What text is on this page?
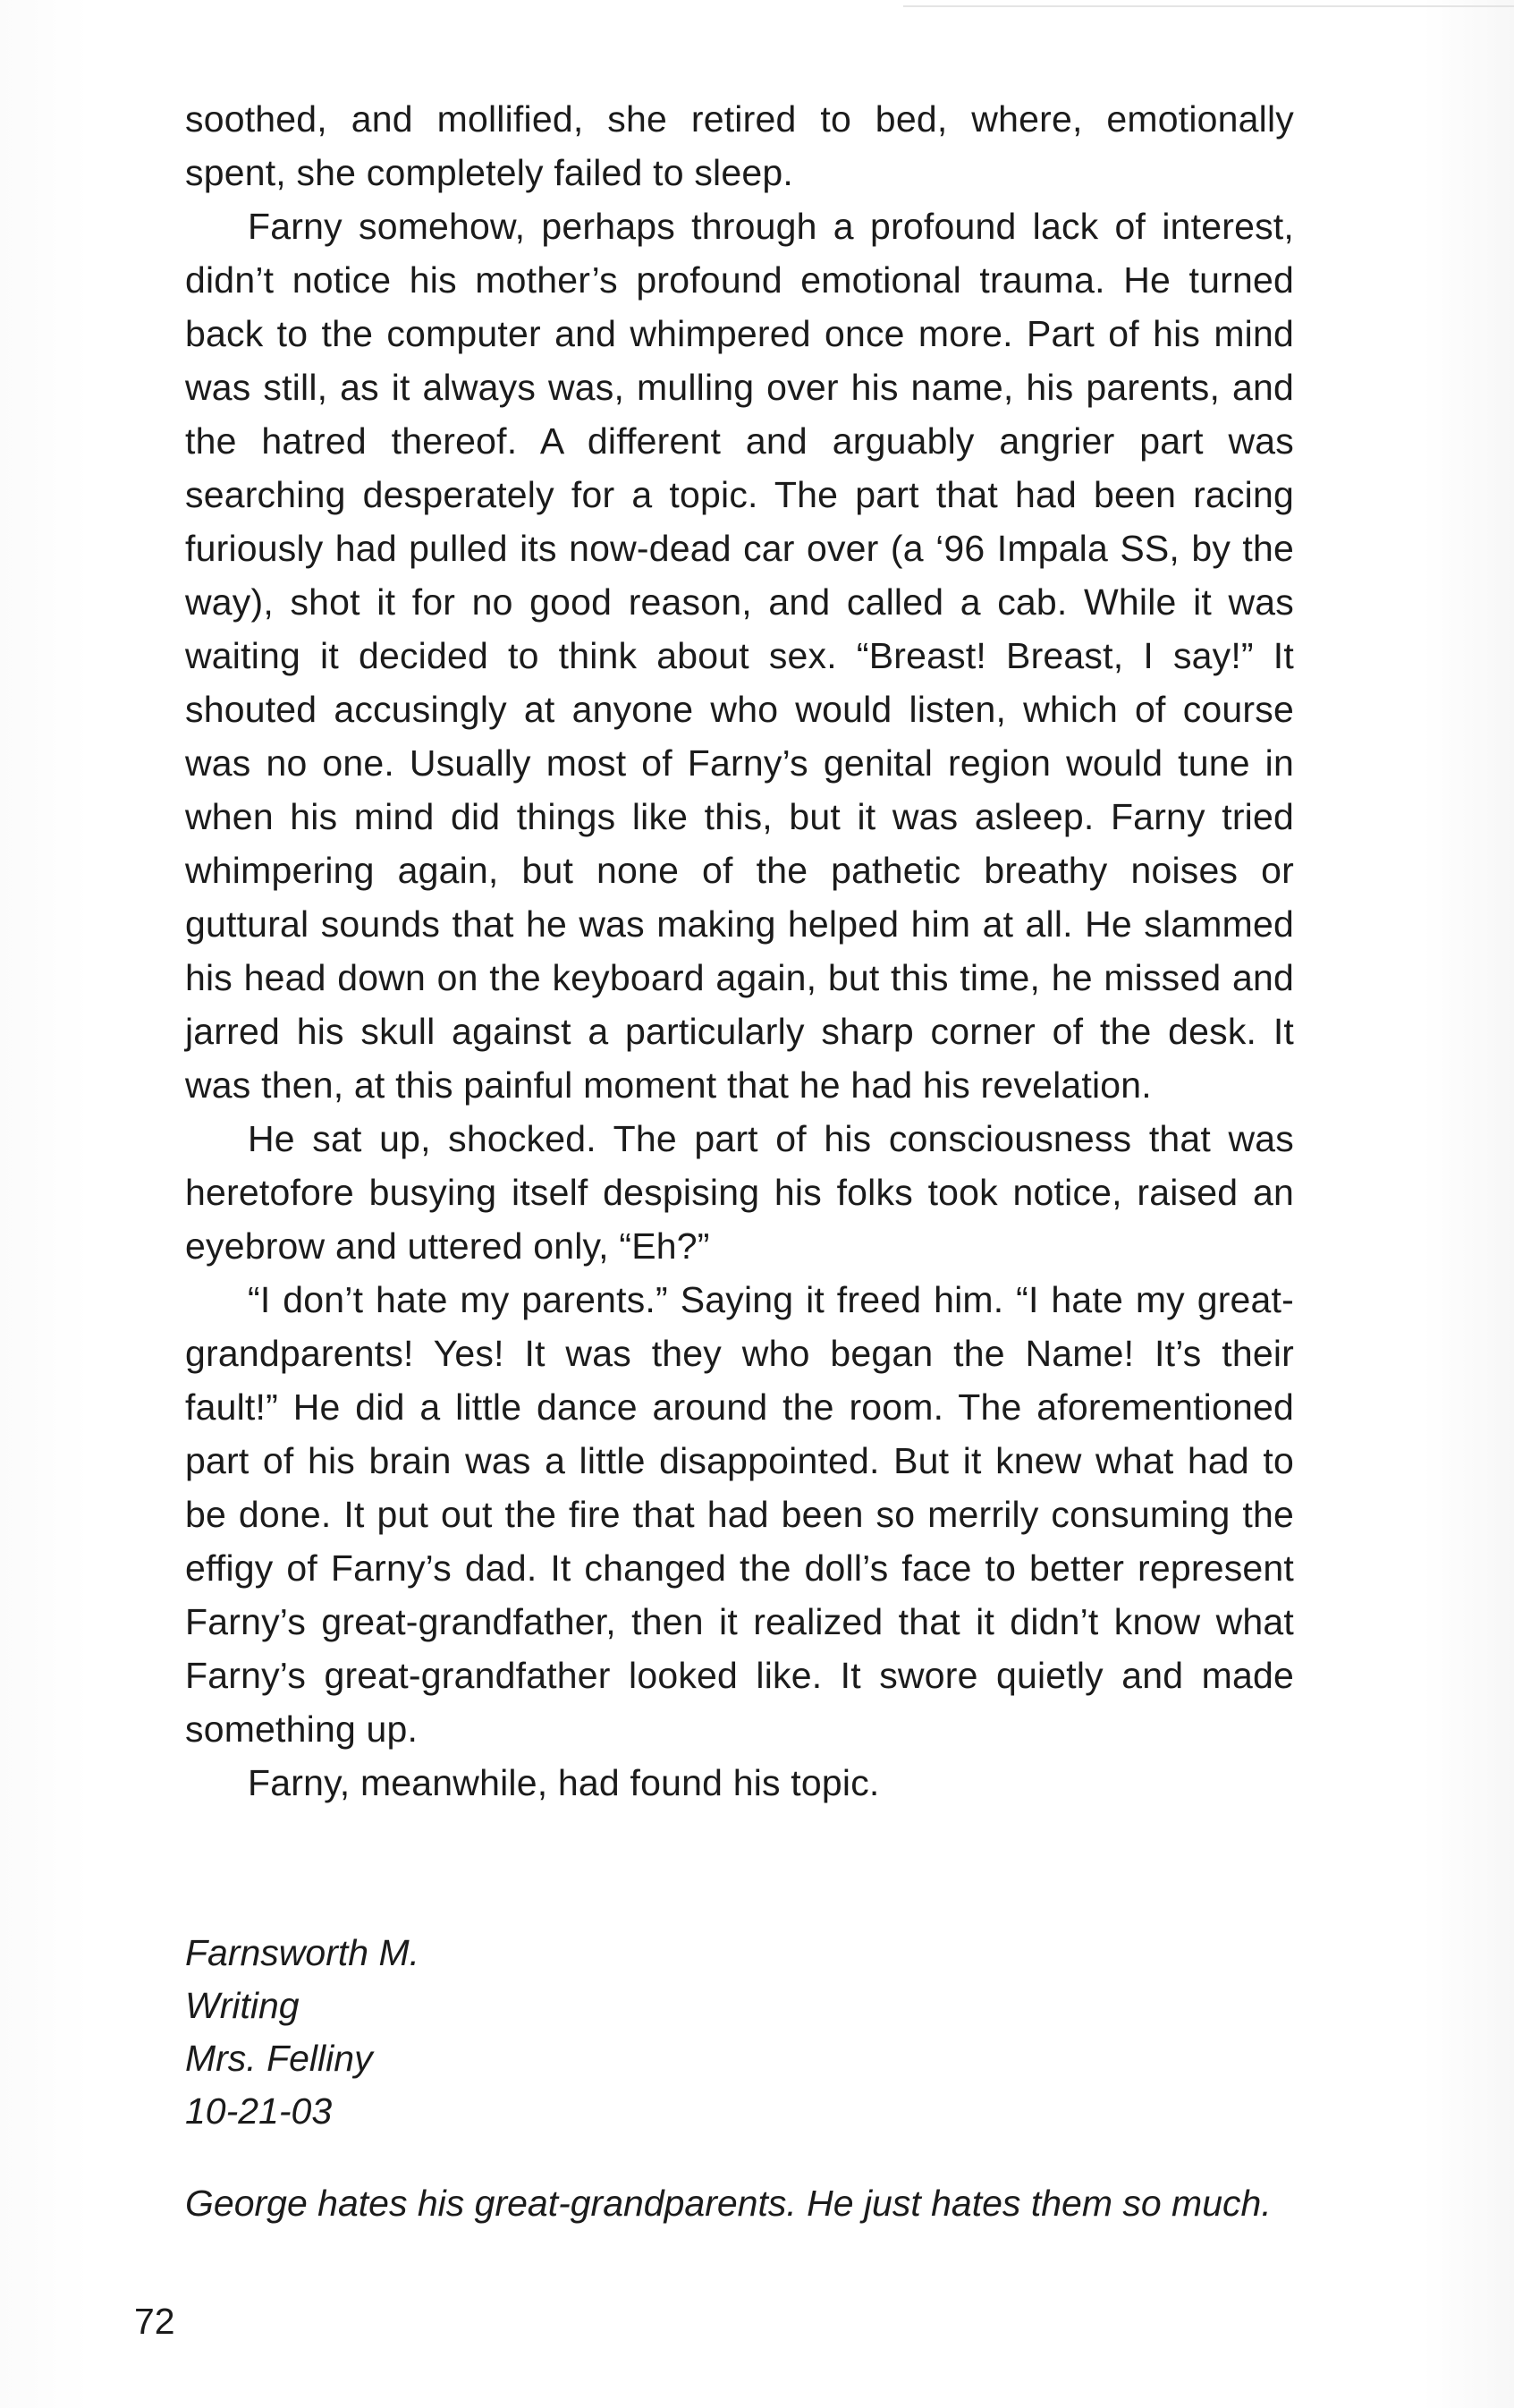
soothed, and mollified, she retired to bed, where, emotionally spent, she completely failed to sleep.

Farny somehow, perhaps through a profound lack of interest, didn’t notice his mother’s profound emotional trauma. He turned back to the computer and whimpered once more. Part of his mind was still, as it always was, mulling over his name, his parents, and the hatred thereof. A different and arguably angrier part was searching desperately for a topic. The part that had been racing furiously had pulled its now-dead car over (a ‘96 Impala SS, by the way), shot it for no good reason, and called a cab. While it was waiting it decided to think about sex. “Breast! Breast, I say!” It shouted accusingly at anyone who would listen, which of course was no one. Usually most of Farny’s genital region would tune in when his mind did things like this, but it was asleep. Farny tried whimpering again, but none of the pathetic breathy noises or guttural sounds that he was making helped him at all. He slammed his head down on the keyboard again, but this time, he missed and jarred his skull against a particularly sharp corner of the desk. It was then, at this painful moment that he had his revelation.

He sat up, shocked. The part of his consciousness that was heretofore busying itself despising his folks took notice, raised an eyebrow and uttered only, “Eh?”

“I don’t hate my parents.” Saying it freed him. “I hate my great-grandparents! Yes! It was they who began the Name! It’s their fault!” He did a little dance around the room. The aforementioned part of his brain was a little disappointed. But it knew what had to be done. It put out the fire that had been so merrily consuming the effigy of Farny’s dad. It changed the doll’s face to better represent Farny’s great-grandfather, then it realized that it didn’t know what Farny’s great-grandfather looked like. It swore quietly and made something up.

Farny, meanwhile, had found his topic.

Farnsworth M.

Writing

Mrs. Felliny

10-21-03

George hates his great-grandparents. He just hates them so much.

72
